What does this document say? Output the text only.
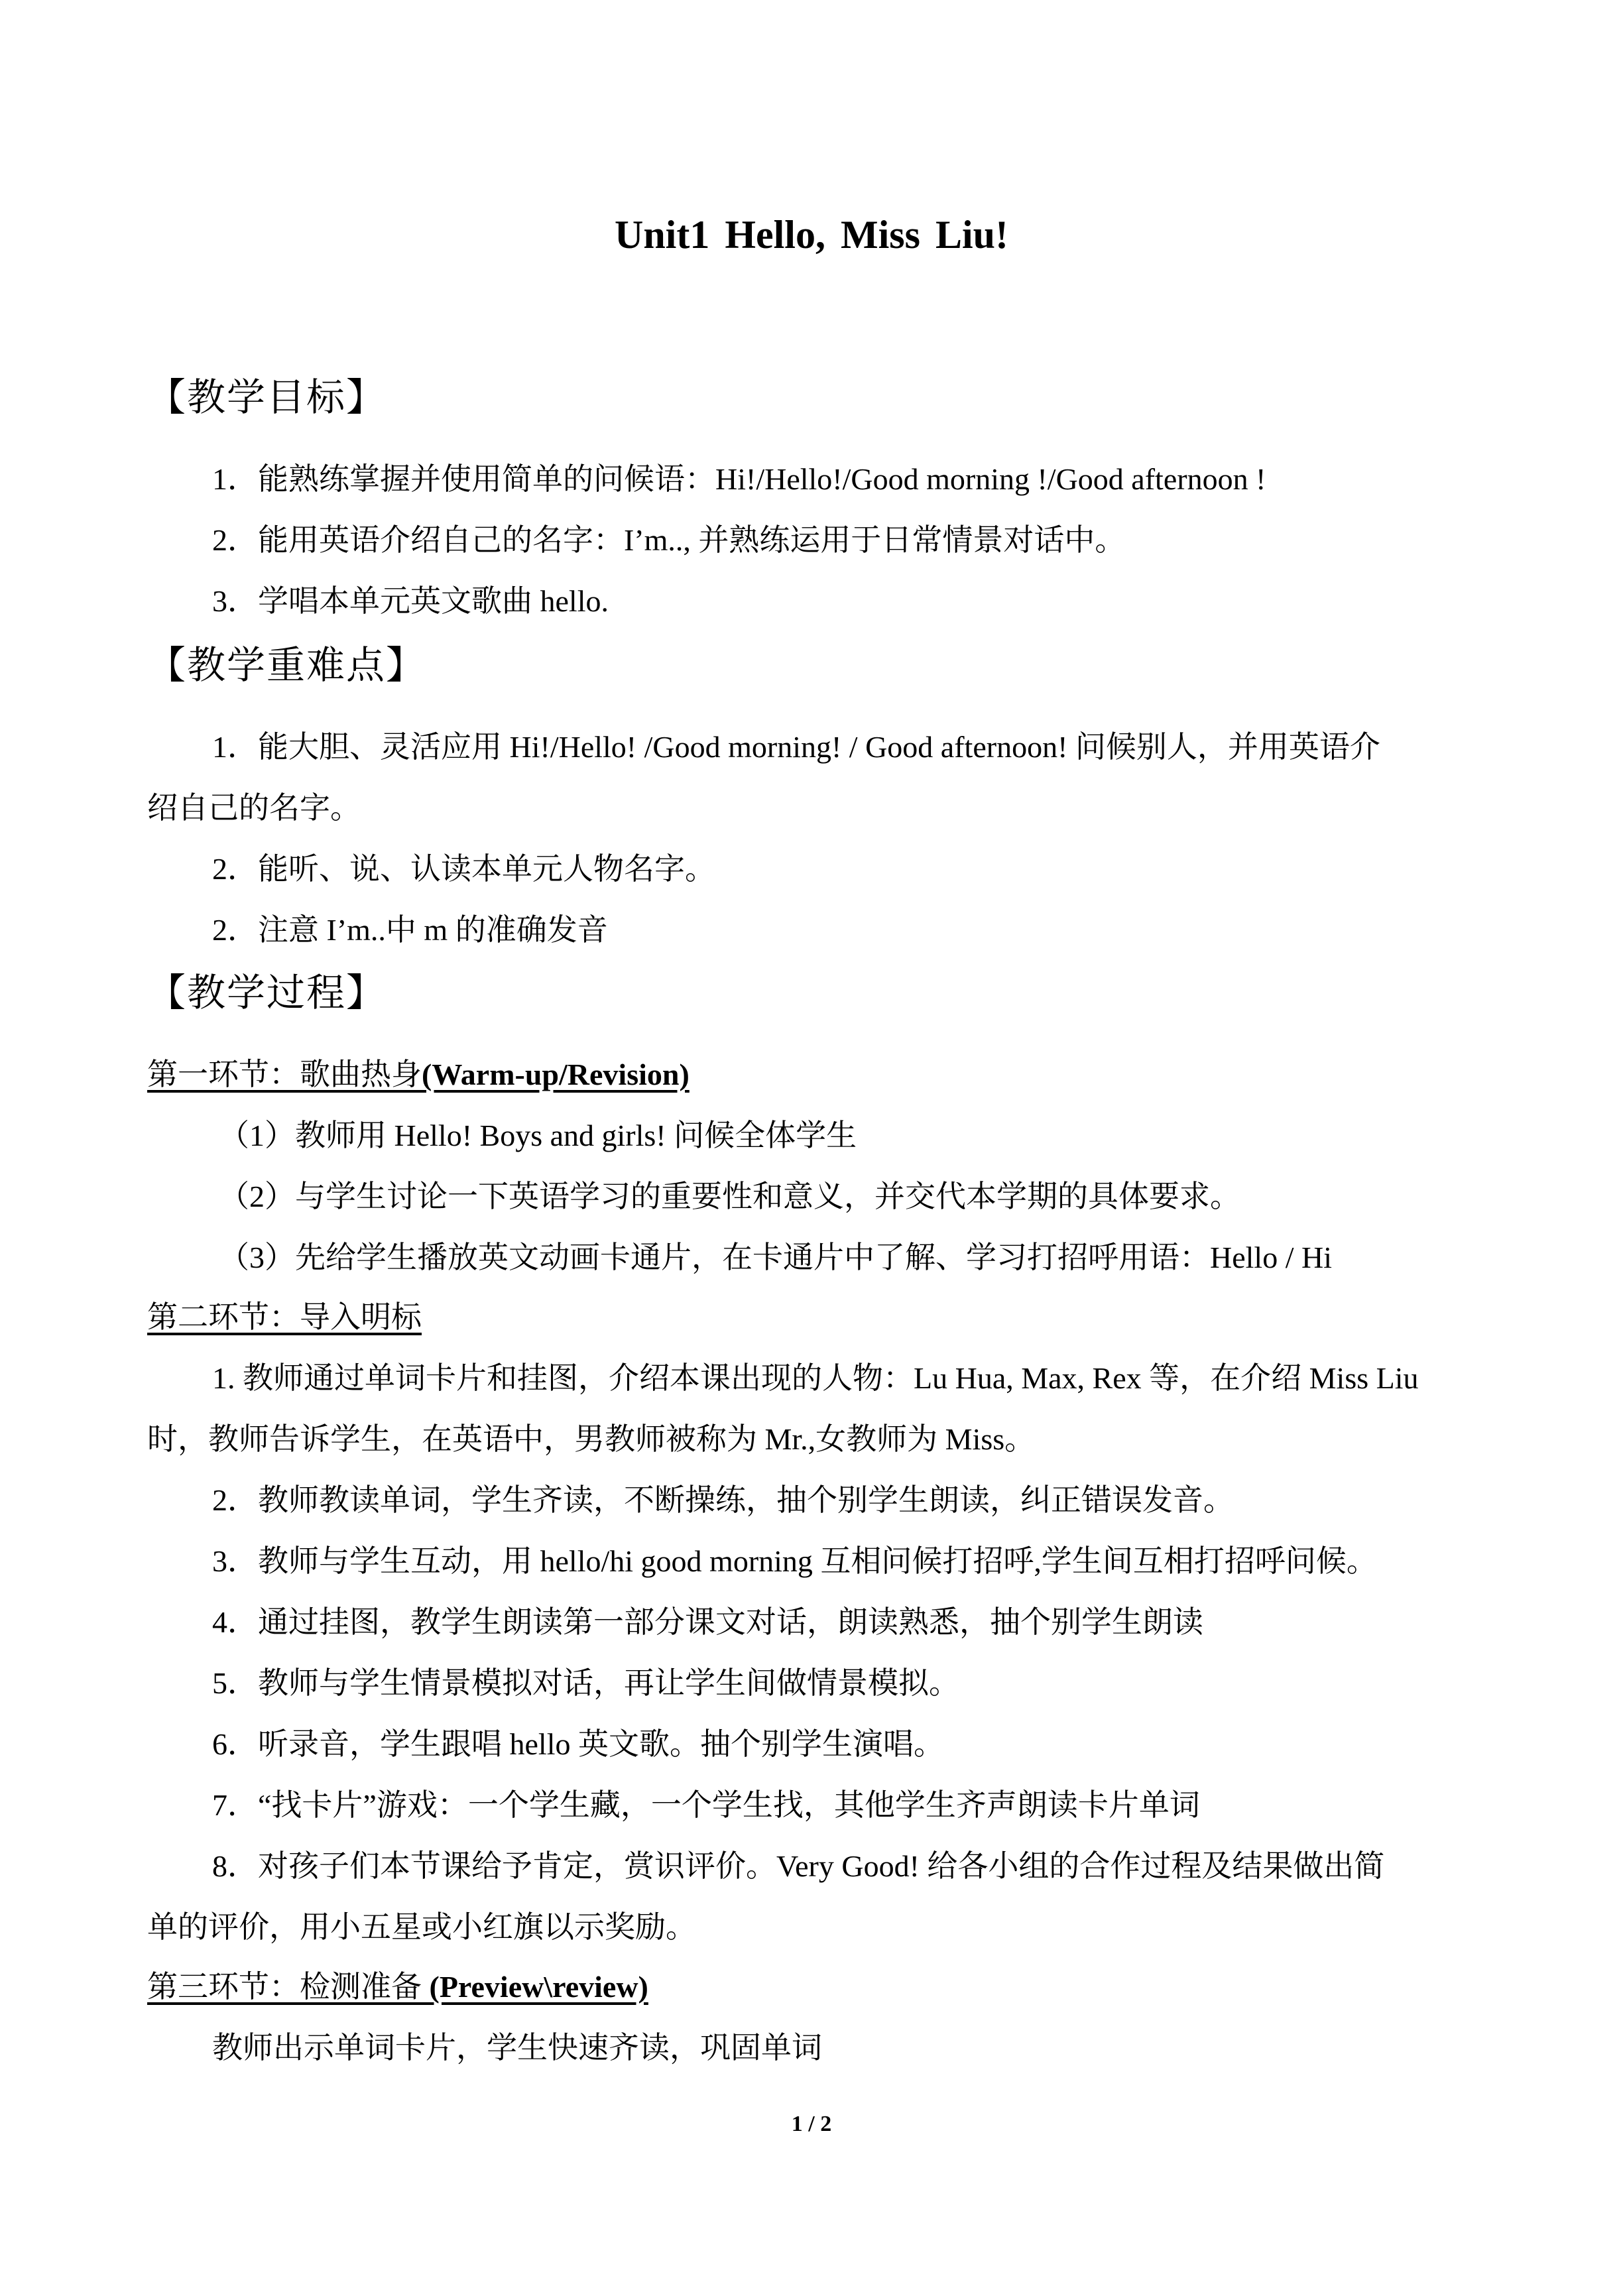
Unit1 Hello, Miss Liu!
【教学目标】
1．能熟练掌握并使用简单的问候语：Hi!/Hello!/Good morning !/Good afternoon !
2．能用英语介绍自己的名字：I’m.., 并熟练运用于日常情景对话中。
3．学唱本单元英文歌曲 hello.
【教学重难点】
1．能大胆、灵活应用 Hi!/Hello! /Good morning! / Good afternoon! 问候别人，并用英语介
绍自己的名字。
2．能听、说、认读本单元人物名字。
2．注意 I’m..中 m 的准确发音
【教学过程】
第一环节：歌曲热身(Warm-up/Revision)
（1）教师用 Hello! Boys and girls! 问候全体学生
（2）与学生讨论一下英语学习的重要性和意义，并交代本学期的具体要求。
（3）先给学生播放英文动画卡通片，在卡通片中了解、学习打招呼用语：Hello / Hi
第二环节：导入明标
1. 教师通过单词卡片和挂图，介绍本课出现的人物：Lu Hua, Max, Rex 等，在介绍 Miss Liu
时，教师告诉学生，在英语中，男教师被称为 Mr.,女教师为 Miss。
2．教师教读单词，学生齐读，不断操练，抽个别学生朗读，纠正错误发音。
3．教师与学生互动，用 hello/hi good morning 互相问候打招呼,学生间互相打招呼问候。
4．通过挂图，教学生朗读第一部分课文对话，朗读熟悉，抽个别学生朗读
5．教师与学生情景模拟对话，再让学生间做情景模拟。
6．听录音，学生跟唱 hello 英文歌。抽个别学生演唱。
7．“找卡片”游戏：一个学生藏，一个学生找，其他学生齐声朗读卡片单词
8．对孩子们本节课给予肯定，赏识评价。Very Good! 给各小组的合作过程及结果做出简
单的评价，用小五星或小红旗以示奖励。
第三环节：检测准备 (Preview\review)
教师出示单词卡片，学生快速齐读，巩固单词
1 / 2
